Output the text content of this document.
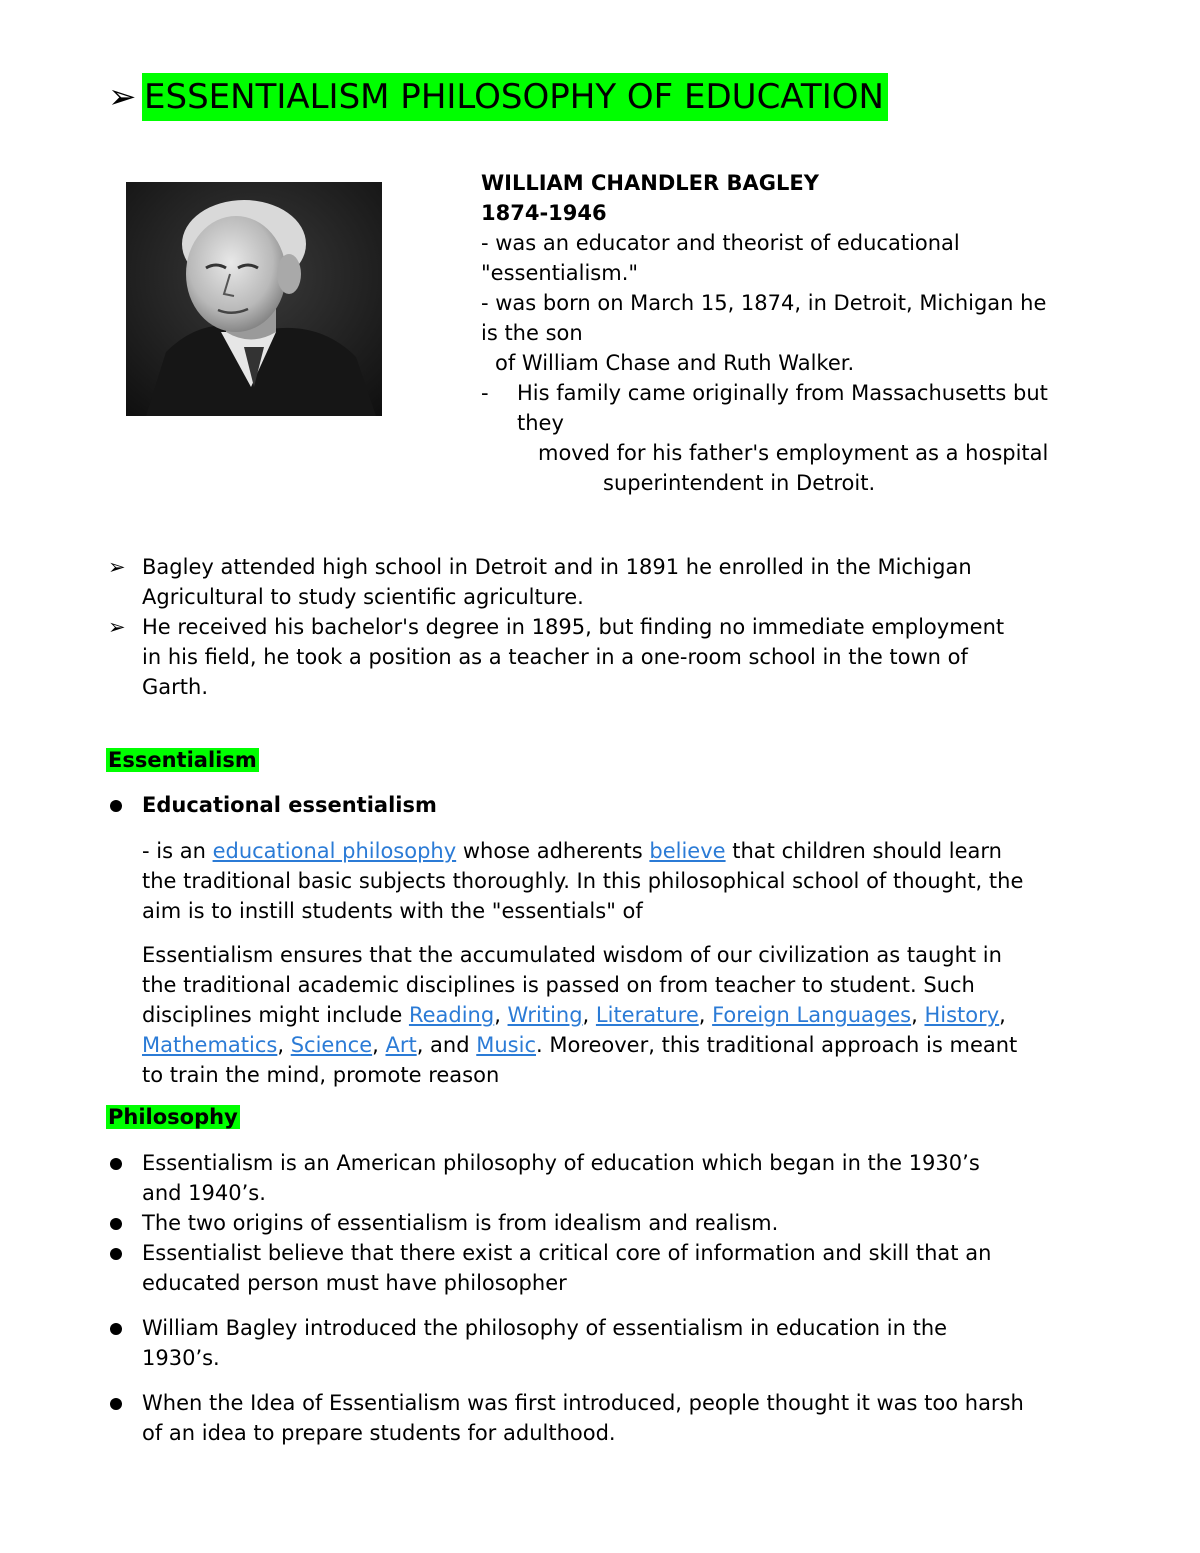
➢ ESSENTIALISM PHILOSOPHY OF EDUCATION
WILLIAM CHANDLER BAGLEY
1874-1946
- was an educator and theorist of educational
"essentialism."
- was born on March 15, 1874, in Detroit, Michigan he
is the son
of William Chase and Ruth Walker.
-	His family came originally from Massachusetts but
they
moved for his father's employment as a hospital
superintendent in Detroit.
➢ Bagley attended high school in Detroit and in 1891 he enrolled in the Michigan
Agricultural to study scientific agriculture.
➢ He received his bachelor's degree in 1895, but finding no immediate employment
in his field, he took a position as a teacher in a one-room school in the town of
Garth.
Essentialism
Educational essentialism
- is an educational philosophy whose adherents believe that children should learn
the traditional basic subjects thoroughly. In this philosophical school of thought, the
aim is to instill students with the "essentials" of
Essentialism ensures that the accumulated wisdom of our civilization as taught in
the traditional academic disciplines is passed on from teacher to student. Such
disciplines might include Reading, Writing, Literature, Foreign Languages, History,
Mathematics, Science, Art, and Music. Moreover, this traditional approach is meant
to train the mind, promote reason
Philosophy
Essentialism is an American philosophy of education which began in the 1930’s
and 1940’s.
The two origins of essentialism is from idealism and realism.
Essentialist believe that there exist a critical core of information and skill that an
educated person must have philosopher
William Bagley introduced the philosophy of essentialism in education in the
1930’s.
When the Idea of Essentialism was first introduced, people thought it was too harsh
of an idea to prepare students for adulthood.
